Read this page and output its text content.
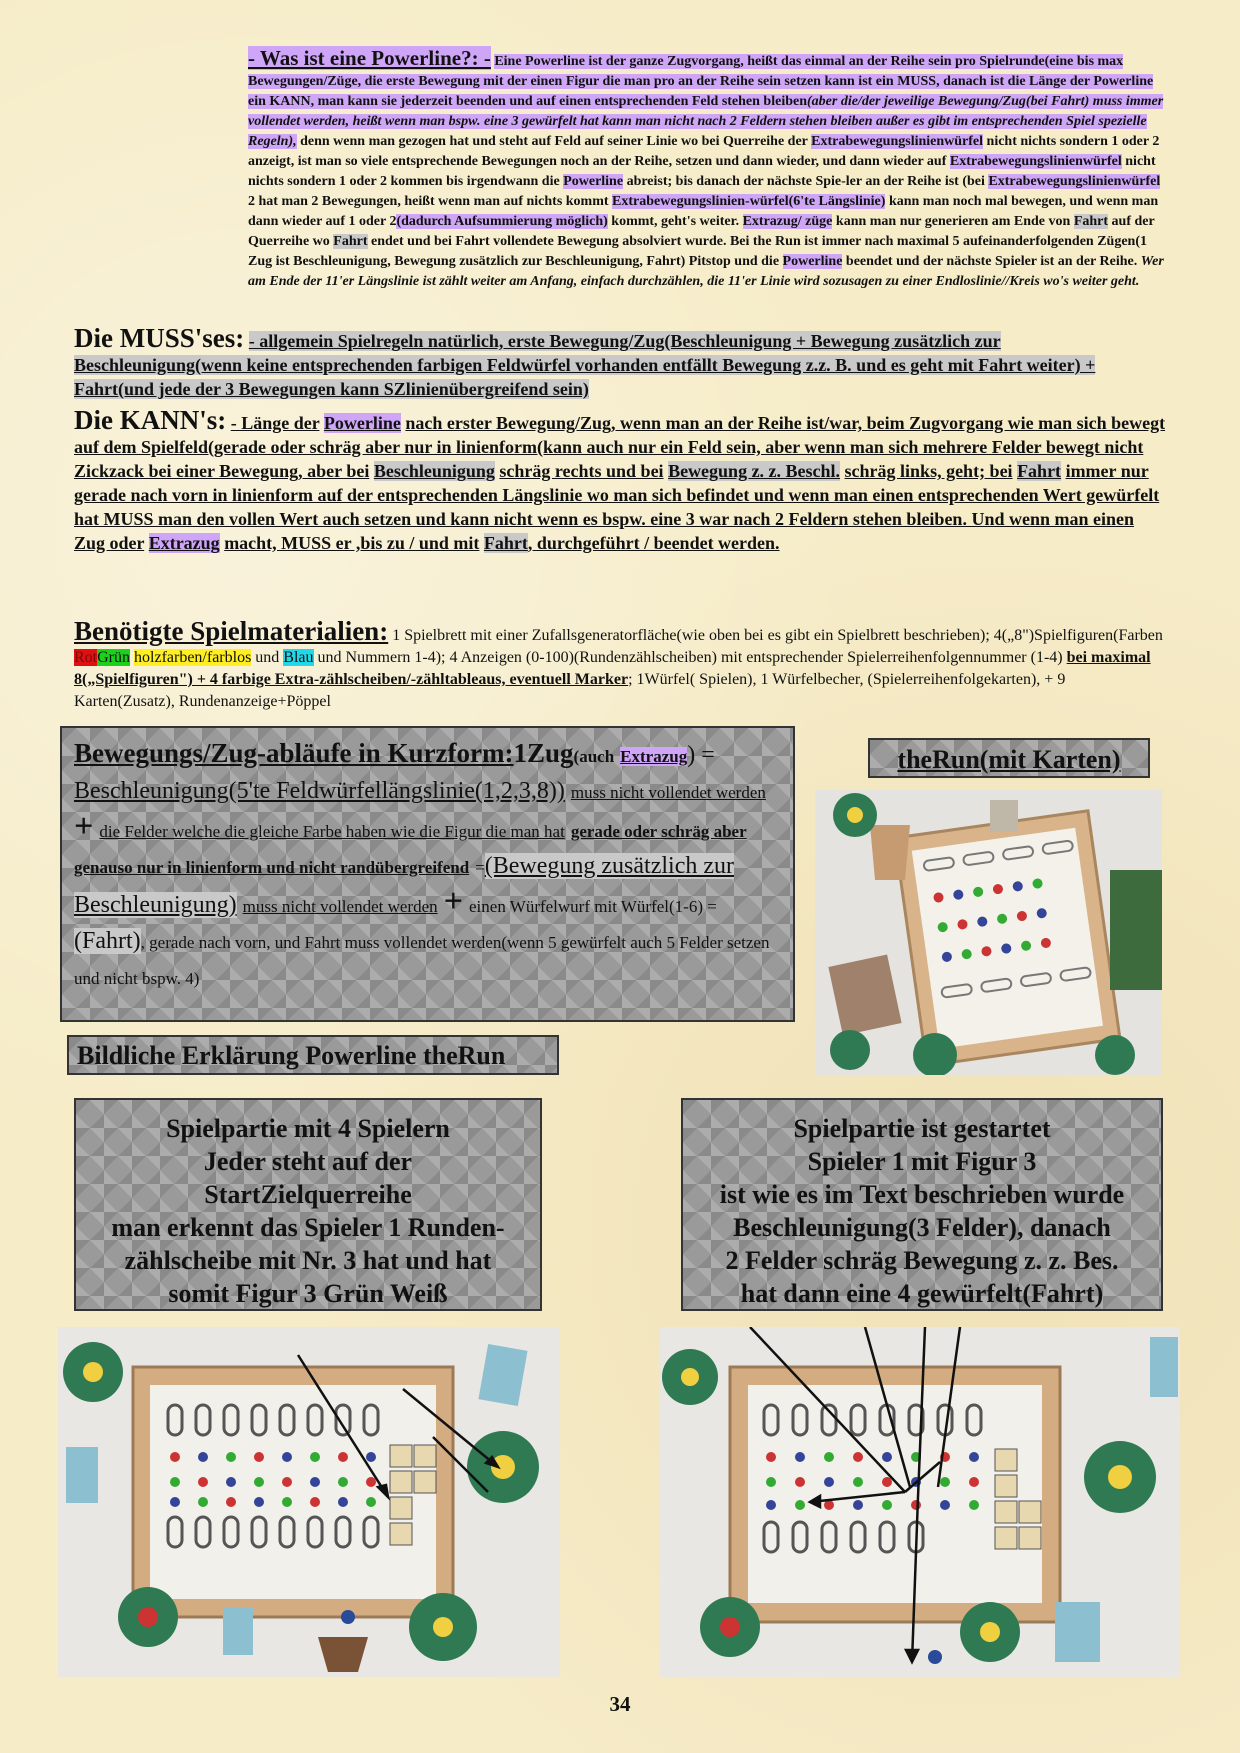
- Was ist eine Powerline?: - Eine Powerline ist der ganze Zugvorgang, heißt das einmal an der Reihe sein pro Spielrunde(eine bis max Bewegungen/Züge, die erste Bewegung mit der einen Figur die man pro an der Reihe sein setzen kann ist ein MUSS, danach ist die Länge der Powerline ein KANN, man kann sie jederzeit beenden und auf einen entsprechenden Feld stehen bleiben(aber die/der jeweilige Bewegung/Zug(bei Fahrt) muss immer vollendet werden, heißt wenn man bspw. eine 3 gewürfelt hat kann man nicht nach 2 Feldern stehen bleiben außer es gibt im entsprechenden Spiel spezielle Regeln), denn wenn man gezogen hat und steht auf Feld auf seiner Linie wo bei Querreihe der Extrabewegungslinienwürfel nicht nichts sondern 1 oder 2 anzeigt, ist man so viele entsprechende Bewegungen noch an der Reihe, setzen und dann wieder, und dann wieder auf Extrabewegungslinienwürfel nicht nichts sondern 1 oder 2 kommen bis irgendwann die Powerline abreist; bis danach der nächste Spie-ler an der Reihe ist (bei Extrabewegungslinienwürfel 2 hat man 2 Bewegungen, heißt wenn man auf nichts kommt Extrabewegungslinien-würfel(6'te Längslinie) kann man noch mal bewegen, und wenn man dann wieder auf 1 oder 2(dadurch Aufsummierung möglich) kommt, geht's weiter. Extrazug/ züge kann man nur generieren am Ende von Fahrt auf der Querreihe wo Fahrt endet und bei Fahrt vollendete Bewegung absolviert wurde. Bei the Run ist immer nach maximal 5 aufeinanderfolgenden Zügen(1 Zug ist Beschleunigung, Bewegung zusätzlich zur Beschleunigung, Fahrt) Pitstop und die Powerline beendet und der nächste Spieler ist an der Reihe. Wer am Ende der 11'er Längslinie ist zählt weiter am Anfang, einfach durchzählen, die 11'er Linie wird sozusagen zu einer Endloslinie//Kreis wo's weiter geht.
Die MUSS'ses: - allgemein Spielregeln natürlich, erste Bewegung/Zug(Beschleunigung + Bewegung zusätzlich zur Beschleunigung(wenn keine entsprechenden farbigen Feldwürfel vorhanden entfällt Bewegung z.z. B. und es geht mit Fahrt weiter) + Fahrt(und jede der 3 Bewegungen kann SZlinienübergreifend sein)
Die KANN's: - Länge der Powerline nach erster Bewegung/Zug, wenn man an der Reihe ist/war, beim Zugvorgang wie man sich bewegt auf dem Spielfeld(gerade oder schräg aber nur in linienform(kann auch nur ein Feld sein, aber wenn man sich mehrere Felder bewegt nicht Zickzack bei einer Bewegung, aber bei Beschleunigung schräg rechts und bei Bewegung z. z. Beschl. schräg links, geht; bei Fahrt immer nur gerade nach vorn in linienform auf der entsprechenden Längslinie wo man sich befindet und wenn man einen entsprechenden Wert gewürfelt hat MUSS man den vollen Wert auch setzen und kann nicht wenn es bspw. eine 3 war nach 2 Feldern stehen bleiben. Und wenn man einen Zug oder Extrazug macht, MUSS er ,bis zu / und mit Fahrt, durchgeführt / beendet werden.
Benötigte Spielmaterialien: 1 Spielbrett mit einer Zufallsgeneratorfläche(wie oben bei es gibt ein Spielbrett beschrieben); 4(„8")Spielfiguren(Farben RotGrün holzfarben/farblos und Blau und Nummern 1-4); 4 Anzeigen (0-100)(Rundenzählscheiben) mit entsprechender Spielerreihenfolgennummer (1-4) bei maximal 8(„Spielfiguren") + 4 farbige Extra-zählscheiben/-zähltableaus, eventuell Marker; 1Würfel( Spielen), 1 Würfelbecher, (Spielerreihenfolgekarten), + 9 Karten(Zusatz), Rundenanzeige+Pöppel
Bewegungs/Zug-abläufe in Kurzform:1Zug(auch Extrazug) =
Beschleunigung(5'te Feldwürfellängslinie(1,2,3,8)) muss nicht vollendet werden + die Felder welche die gleiche Farbe haben wie die Figur die man hat gerade oder schräg aber genauso nur in linienform und nicht randübergreifend =(Bewegung zusätzlich zur Beschleunigung) muss nicht vollendet werden + einen Würfelwurf mit Würfel(1-6) = (Fahrt), gerade nach vorn, und Fahrt muss vollendet werden(wenn 5 gewürfelt auch 5 Felder setzen und nicht bspw. 4)
theRun(mit Karten)
Bildliche Erklärung Powerline theRun
Spielpartie mit 4 Spielern
Jeder steht auf der
StartZielquerreihe
man erkennt das Spieler 1 Runden-
zählscheibe mit Nr. 3 hat und hat
somit Figur 3 Grün Weiß
Spielpartie ist gestartet
Spieler 1 mit Figur 3
ist wie es im Text beschrieben wurde
Beschleunigung(3 Felder), danach
2 Felder schräg Bewegung z. z. Bes.
hat dann eine 4 gewürfelt(Fahrt)
34
